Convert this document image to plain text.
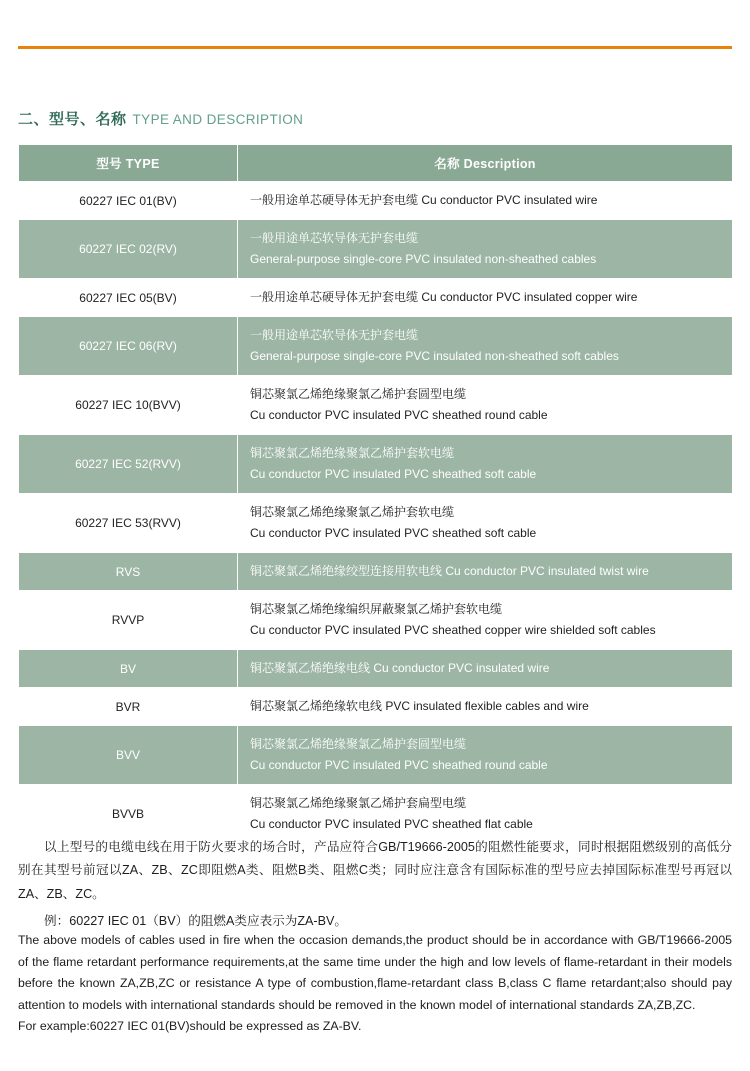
二、型号、名称 TYPE AND DESCRIPTION
型号 TYPE	名称 Description
60227 IEC 01(BV)	一般用途单芯硬导体无护套电缆 Cu conductor PVC insulated wire

60227 IEC 02(RV)	一般用途单芯软导体无护套电缆
General-purpose single-core PVC insulated non-sheathed cables

60227 IEC 05(BV)	一般用途单芯硬导体无护套电缆 Cu conductor PVC insulated copper wire

60227 IEC 06(RV)	一般用途单芯软导体无护套电缆
General-purpose single-core PVC insulated non-sheathed soft cables

60227 IEC 10(BVV)	铜芯聚氯乙烯绝缘聚氯乙烯护套圆型电缆
Cu conductor PVC insulated PVC sheathed round cable

60227 IEC 52(RVV)	铜芯聚氯乙烯绝缘聚氯乙烯护套软电缆
Cu conductor PVC insulated PVC sheathed soft cable

60227 IEC 53(RVV)	铜芯聚氯乙烯绝缘聚氯乙烯护套软电缆
Cu conductor PVC insulated PVC sheathed soft cable

RVS	铜芯聚氯乙烯绝缘绞型连接用软电线 Cu conductor PVC insulated twist wire

RVVP	铜芯聚氯乙烯绝缘编织屏蔽聚氯乙烯护套软电缆
Cu conductor PVC insulated PVC sheathed copper wire shielded soft cables

BV	铜芯聚氯乙烯绝缘电线 Cu conductor PVC insulated wire

BVR	铜芯聚氯乙烯绝缘软电线 PVC insulated flexible cables and wire

BVV	铜芯聚氯乙烯绝缘聚氯乙烯护套圆型电缆
Cu conductor PVC insulated PVC sheathed round cable

BVVB	铜芯聚氯乙烯绝缘聚氯乙烯护套扁型电缆
Cu conductor PVC insulated PVC sheathed flat cable

以上型号的电缆电线在用于防火要求的场合时，产品应符合GB/T19666-2005的阻燃性能要求，同时根据阻燃级别的高低分别在其型号前冠以ZA、ZB、ZC即阻燃A类、阻燃B类、阻燃C类；同时应注意含有国际标准的型号应去掉国际标准型号再冠以ZA、ZB、ZC。

例：60227 IEC 01（BV）的阻燃A类应表示为ZA-BV。

The above models of cables used in fire when the occasion demands,the product should be in accordance with GB/T19666-2005 of the flame retardant performance requirements,at the same time under the high and low levels of flame-retardant in their models before the known ZA,ZB,ZC or resistance A type of combustion,flame-retardant class B,class C flame retardant;also should pay attention to models with international standards should be removed in the known model of international standards ZA,ZB,ZC.

For example:60227 IEC 01(BV)should be expressed as ZA-BV.
